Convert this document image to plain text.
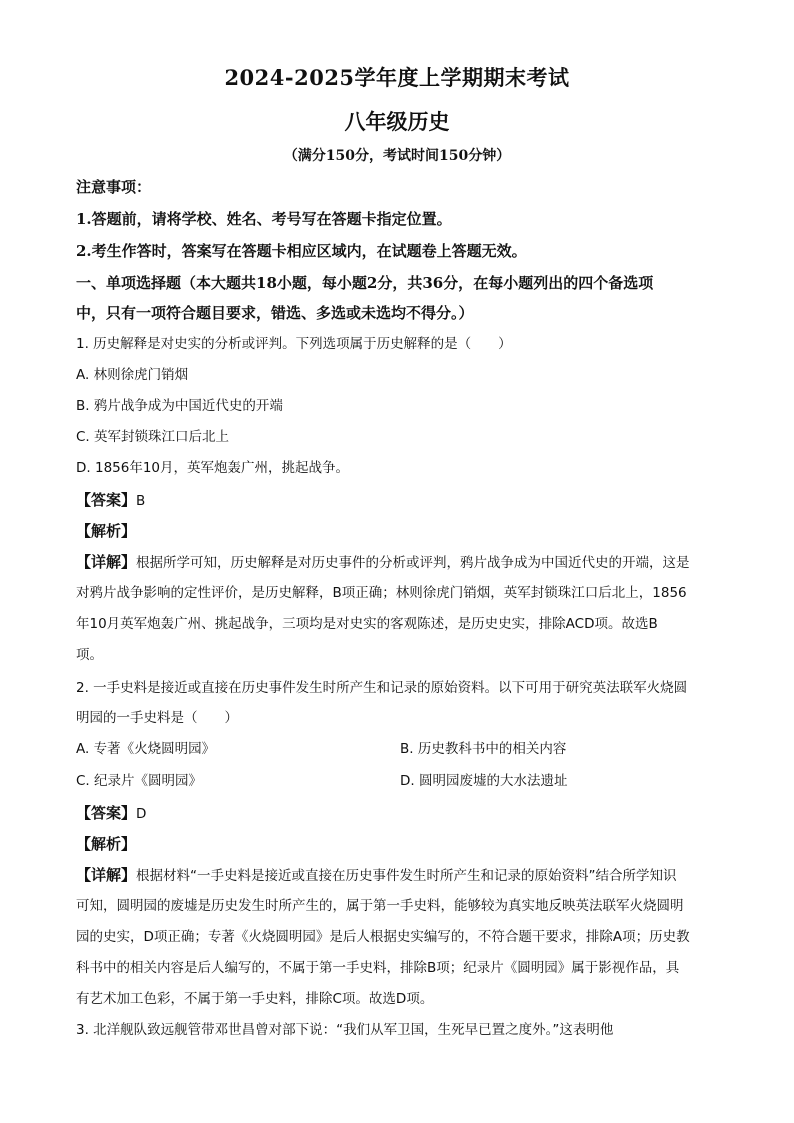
2024-2025学年度上学期期末考试
八年级历史
（满分150分，考试时间150分钟）
注意事项：
1.答题前，请将学校、姓名、考号写在答题卡指定位置。
2.考生作答时，答案写在答题卡相应区域内，在试题卷上答题无效。
一、单项选择题（本大题共18小题，每小题2分，共36分，在每小题列出的四个备选项
中，只有一项符合题目要求，错选、多选或未选均不得分。）
1. 历史解释是对史实的分析或评判。下列选项属于历史解释的是（　　）
A. 林则徐虎门销烟
B. 鸦片战争成为中国近代史的开端
C. 英军封锁珠江口后北上
D. 1856年10月，英军炮轰广州，挑起战争。
【答案】B
【解析】
【详解】根据所学可知，历史解释是对历史事件的分析或评判，鸦片战争成为中国近代史的开端，这是
对鸦片战争影响的定性评价，是历史解释，B项正确；林则徐虎门销烟，英军封锁珠江口后北上，1856
年10月英军炮轰广州、挑起战争，三项均是对史实的客观陈述，是历史史实，排除ACD项。故选B
项。
2. 一手史料是接近或直接在历史事件发生时所产生和记录的原始资料。以下可用于研究英法联军火烧圆
明园的一手史料是（　　）
A. 专著《火烧圆明园》	B. 历史教科书中的相关内容
C. 纪录片《圆明园》	D. 圆明园废墟的大水法遗址
【答案】D
【解析】
【详解】根据材料“一手史料是接近或直接在历史事件发生时所产生和记录的原始资料”结合所学知识
可知，圆明园的废墟是历史发生时所产生的，属于第一手史料，能够较为真实地反映英法联军火烧圆明
园的史实，D项正确；专著《火烧圆明园》是后人根据史实编写的，不符合题干要求，排除A项；历史教
科书中的相关内容是后人编写的，不属于第一手史料，排除B项；纪录片《圆明园》属于影视作品，具
有艺术加工色彩，不属于第一手史料，排除C项。故选D项。
3. 北洋舰队致远舰管带邓世昌曾对部下说：“我们从军卫国，生死早已置之度外。”这表明他
